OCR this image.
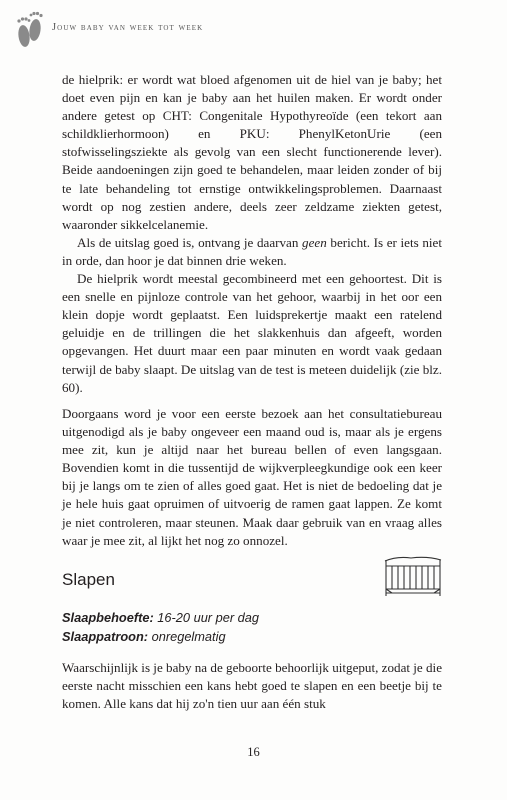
Jouw baby van week tot week

de hielprik: er wordt wat bloed afgenomen uit de hiel van je baby; het doet even pijn en kan je baby aan het huilen maken. Er wordt onder andere getest op CHT: Congenitale Hypothyreoïde (een tekort aan schildklierhormoon) en PKU: PhenylKetonUrie (een stofwisselingsziekte als gevolg van een slecht functionerende lever). Beide aandoeningen zijn goed te behandelen, maar leiden zonder of bij te late behandeling tot ernstige ontwikkelingsproblemen. Daarnaast wordt op nog zestien andere, deels zeer zeldzame ziekten getest, waaronder sikkelcelanemie.

Als de uitslag goed is, ontvang je daarvan geen bericht. Is er iets niet in orde, dan hoor je dat binnen drie weken.

De hielprik wordt meestal gecombineerd met een gehoortest. Dit is een snelle en pijnloze controle van het gehoor, waarbij in het oor een klein dopje wordt geplaatst. Een luidsprekertje maakt een ratelend geluidje en de trillingen die het slakkenhuis dan afgeeft, worden opgevangen. Het duurt maar een paar minuten en wordt vaak gedaan terwijl de baby slaapt. De uitslag van de test is meteen duidelijk (zie blz. 60).

Doorgaans word je voor een eerste bezoek aan het consultatiebureau uitgenodigd als je baby ongeveer een maand oud is, maar als je ergens mee zit, kun je altijd naar het bureau bellen of even langsgaan. Bovendien komt in die tussentijd de wijkverpleegkundige ook een keer bij je langs om te zien of alles goed gaat. Het is niet de bedoeling dat je je hele huis gaat opruimen of uitvoerig de ramen gaat lappen. Ze komt je niet controleren, maar steunen. Maak daar gebruik van en vraag alles waar je mee zit, al lijkt het nog zo onnozel.

Slapen
Slaapbehoefte: 16-20 uur per dag
Slaappatroon: onregelmatig

Waarschijnlijk is je baby na de geboorte behoorlijk uitgeput, zodat je die eerste nacht misschien een kans hebt goed te slapen en een beetje bij te komen. Alle kans dat hij zo'n tien uur aan één stuk

16
